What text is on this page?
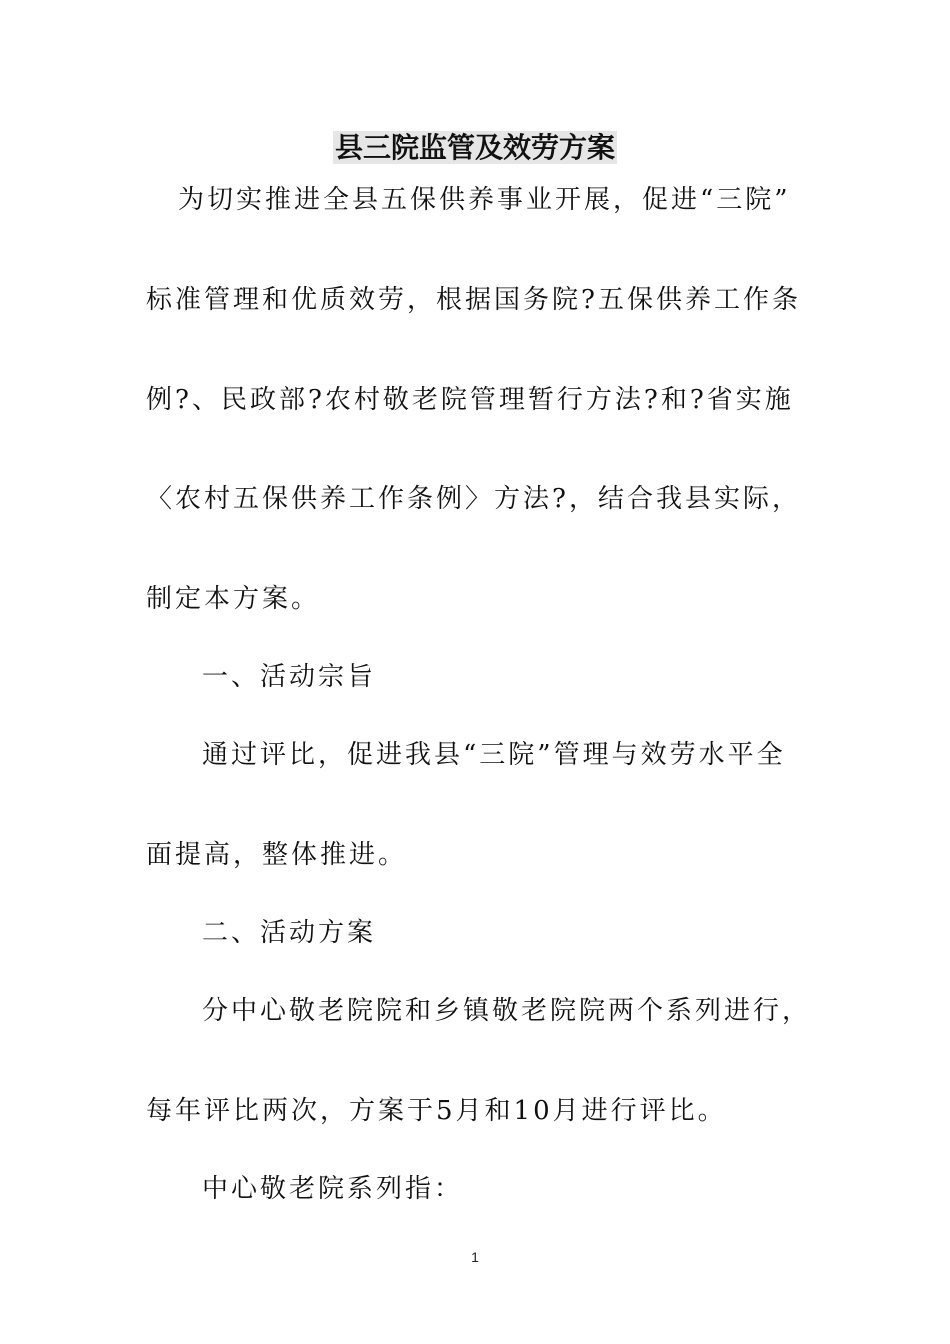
县三院监管及效劳方案
为切实推进全县五保供养事业开展，促进“三院”
标准管理和优质效劳，根据国务院?五保供养工作条
例?、民政部?农村敬老院管理暂行方法?和?省实施
〈农村五保供养工作条例〉方法?，结合我县实际，
制定本方案。
一、活动宗旨
通过评比，促进我县“三院”管理与效劳水平全
面提高，整体推进。
二、活动方案
分中心敬老院院和乡镇敬老院院两个系列进行，
每年评比两次，方案于5月和10月进行评比。
中心敬老院系列指：
1
